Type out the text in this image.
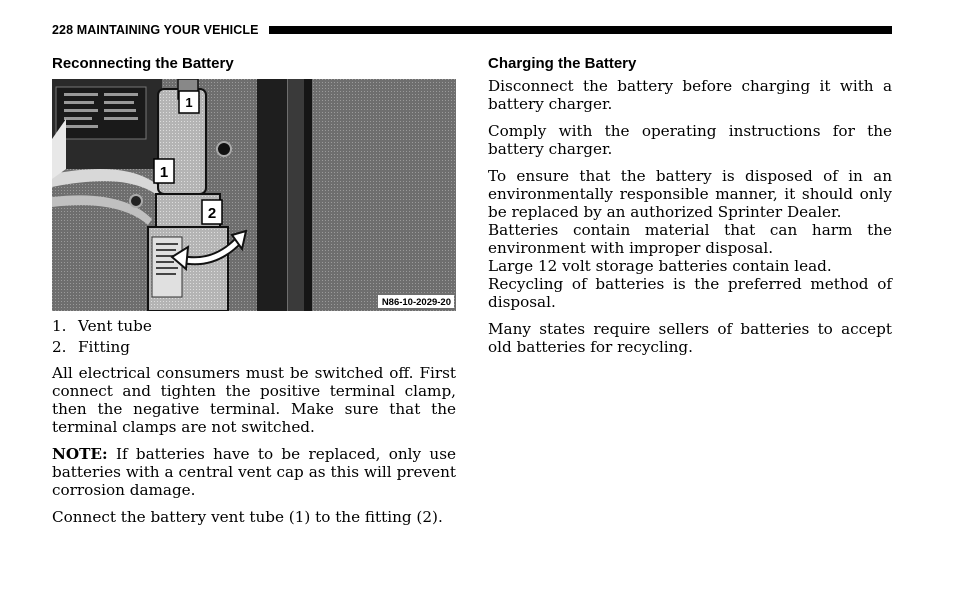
228 MAINTAINING YOUR VEHICLE
Reconnecting the Battery
1
1
2
N86-10-2029-20
1. Vent tube
2. Fitting

All electrical consumers must be switched off. First connect and tighten the positive terminal clamp, then the negative terminal. Make sure that the terminal clamps are not switched.

NOTE: If batteries have to be replaced, only use batteries with a central vent cap as this will prevent corrosion damage.

Connect the battery vent tube (1) to the fitting (2).

Charging the Battery

Disconnect the battery before charging it with a battery charger.

Comply with the operating instructions for the battery charger.

To ensure that the battery is disposed of in an environmentally responsible manner, it should only be replaced by an authorized Sprinter Dealer.

Batteries contain material that can harm the environment with improper disposal.

Large 12 volt storage batteries contain lead.

Recycling of batteries is the preferred method of disposal.

Many states require sellers of batteries to accept old batteries for recycling.
